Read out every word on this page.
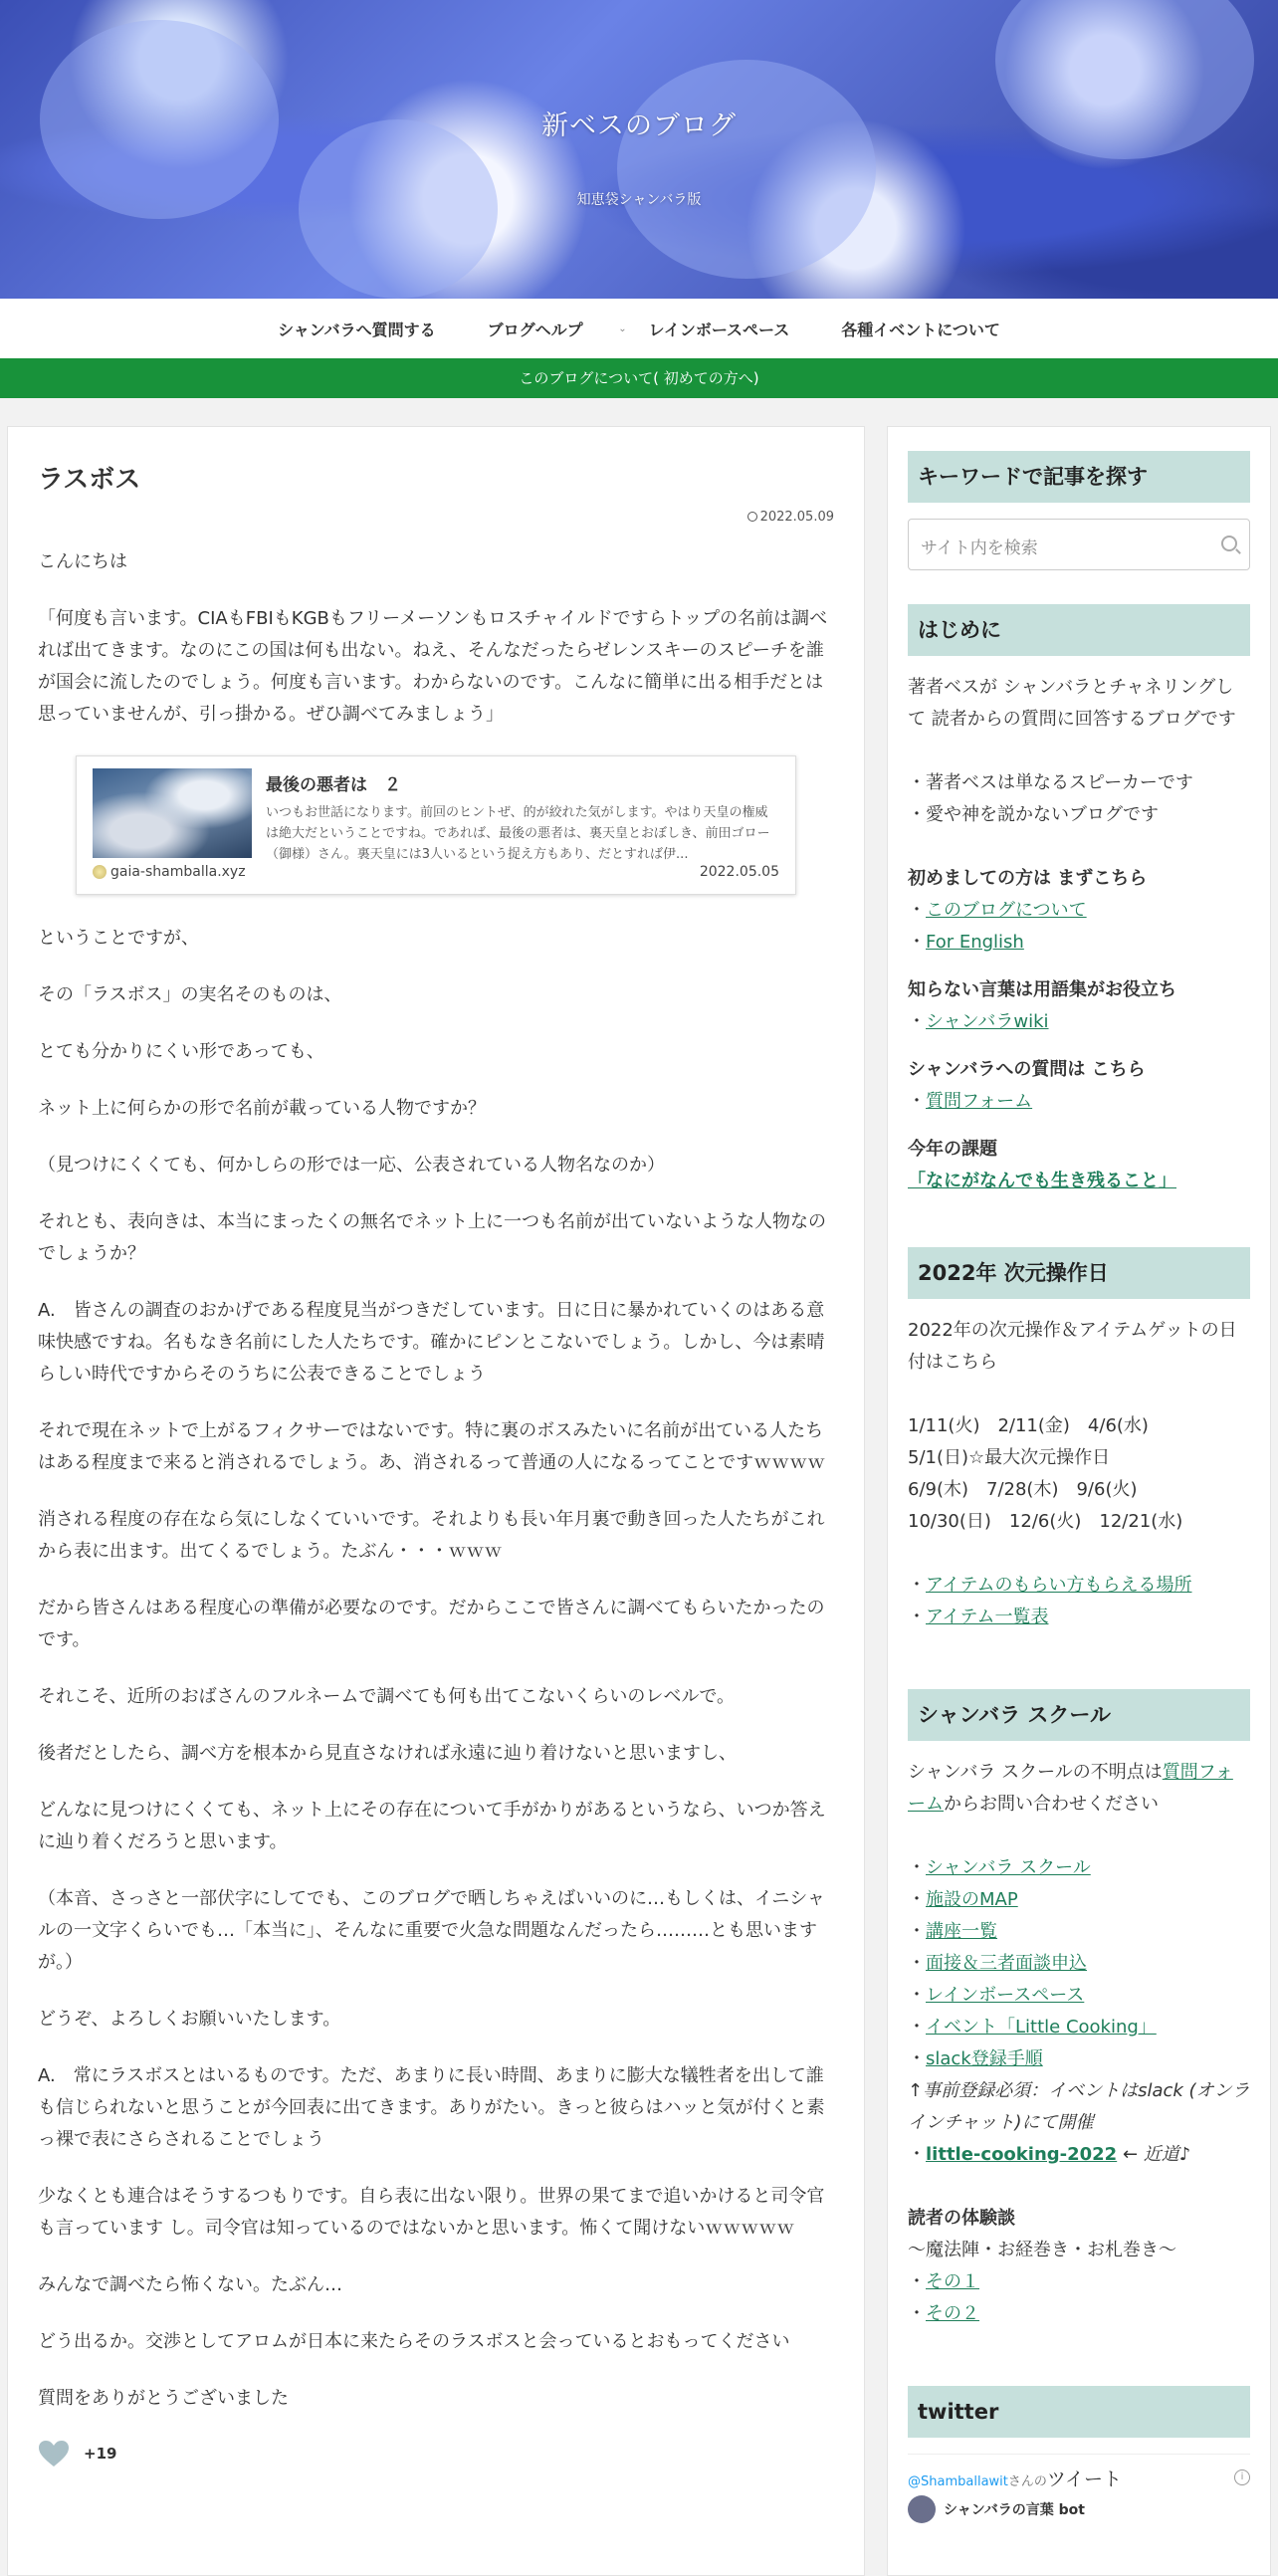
新ベスのブログ
知恵袋シャンバラ版
シャンバラへ質問する	ブログヘルプ	⌄ レインボースペース	各種イベントについて
このブログについて( 初めての方へ)
ラスボス
2022.05.09

こんにちは

「何度も言います。CIAもFBIもKGBもフリーメーソンもロスチャイルドですらトップの名前は調べれば出てきます。なのにこの国は何も出ない。ねえ、そんなだったらゼレンスキーのスピーチを誰が国会に流したのでしょう。何度も言います。わからないのです。こんなに簡単に出る相手だとは思っていませんが、引っ掛かる。ぜひ調べてみましょう」

最後の悪者は　２
いつもお世話になります。前回のヒントぜ、的が絞れた気がします。やはり天皇の権威は絶大だということですね。であれば、最後の悪者は、裏天皇とおぼしき、前田ゴロー（御様）さん。裏天皇には3人いるという捉え方もあり、だとすれば伊...
gaia-shamballa.xyz	2022.05.05

ということですが、

その「ラスボス」の実名そのものは、

とても分かりにくい形であっても、

ネット上に何らかの形で名前が載っている人物ですか？

（見つけにくくても、何かしらの形では一応、公表されている人物名なのか）

それとも、表向きは、本当にまったくの無名でネット上に一つも名前が出ていないような人物なのでしょうか？

A.　皆さんの調査のおかげである程度見当がつきだしています。日に日に暴かれていくのはある意味快感ですね。名もなき名前にした人たちです。確かにピンとこないでしょう。しかし、今は素晴らしい時代ですからそのうちに公表できることでしょう

それで現在ネットで上がるフィクサーではないです。特に裏のボスみたいに名前が出ている人たちはある程度まで来ると消されるでしょう。あ、消されるって普通の人になるってことですｗｗｗｗ

消される程度の存在なら気にしなくていいです。それよりも長い年月裏で動き回った人たちがこれから表に出ます。出てくるでしょう。たぶん・・・ｗｗｗ

だから皆さんはある程度心の準備が必要なのです。だからここで皆さんに調べてもらいたかったのです。

それこそ、近所のおばさんのフルネームで調べても何も出てこないくらいのレベルで。

後者だとしたら、調べ方を根本から見直さなければ永遠に辿り着けないと思いますし、

どんなに見つけにくくても、ネット上にその存在について手がかりがあるというなら、いつか答えに辿り着くだろうと思います。

（本音、さっさと一部伏字にしてでも、このブログで晒しちゃえばいいのに…もしくは、イニシャルの一文字くらいでも…「本当に」、そんなに重要で火急な問題なんだったら………とも思いますが。）

どうぞ、よろしくお願いいたします。

A.　常にラスボスとはいるものです。ただ、あまりに長い時間、あまりに膨大な犠牲者を出して誰も信じられないと思うことが今回表に出てきます。ありがたい。きっと彼らはハッと気が付くと素っ裸で表にさらされることでしょう

少なくとも連合はそうするつもりです。自ら表に出ない限り。世界の果てまで追いかけると司令官も言っています し。司令官は知っているのではないかと思います。怖くて聞けないｗｗｗｗｗ

みんなで調べたら怖くない。たぶん…

どう出るか。交渉としてアロムが日本に来たらそのラスボスと会っているとおもってください

質問をありがとうございました

+19
キーワードで記事を探す
サイト内を検索
はじめに

著者ベスが シャンバラとチャネリングして 読者からの質問に回答するブログです

・著者ベスは単なるスピーカーです

・愛や神を説かないブログです

初めましての方は まずこちら

・このブログについて

・For English

知らない言葉は用語集がお役立ち

・シャンバラwiki

シャンバラへの質問は こちら

・質問フォーム

今年の課題

「なにがなんでも生き残ること」

2022年 次元操作日

2022年の次元操作＆アイテムゲットの日付はこちら

1/11(火)　2/11(金)　4/6(水)

5/1(日)☆最大次元操作日

6/9(木)　7/28(木)　9/6(火)

10/30(日)　12/6(火)　12/21(水)

・アイテムのもらい方もらえる場所

・アイテム一覧表

シャンバラ スクール

シャンバラ スクールの不明点は質問フォームからお問い合わせください

・シャンバラ スクール

・施設のMAP

・講座一覧

・面接＆三者面談申込

・レインボースペース

・イベント「Little Cooking」

・slack登録手順

↑事前登録必須：イベントはslack (オンラインチャット)にて開催

・little-cooking-2022 ← 近道♪

読者の体験談

〜魔法陣・お経巻き・お札巻き〜

・その１

・その２

twitter
@Shamballawitさんのツイート	i
シャンバラの言葉 bot
